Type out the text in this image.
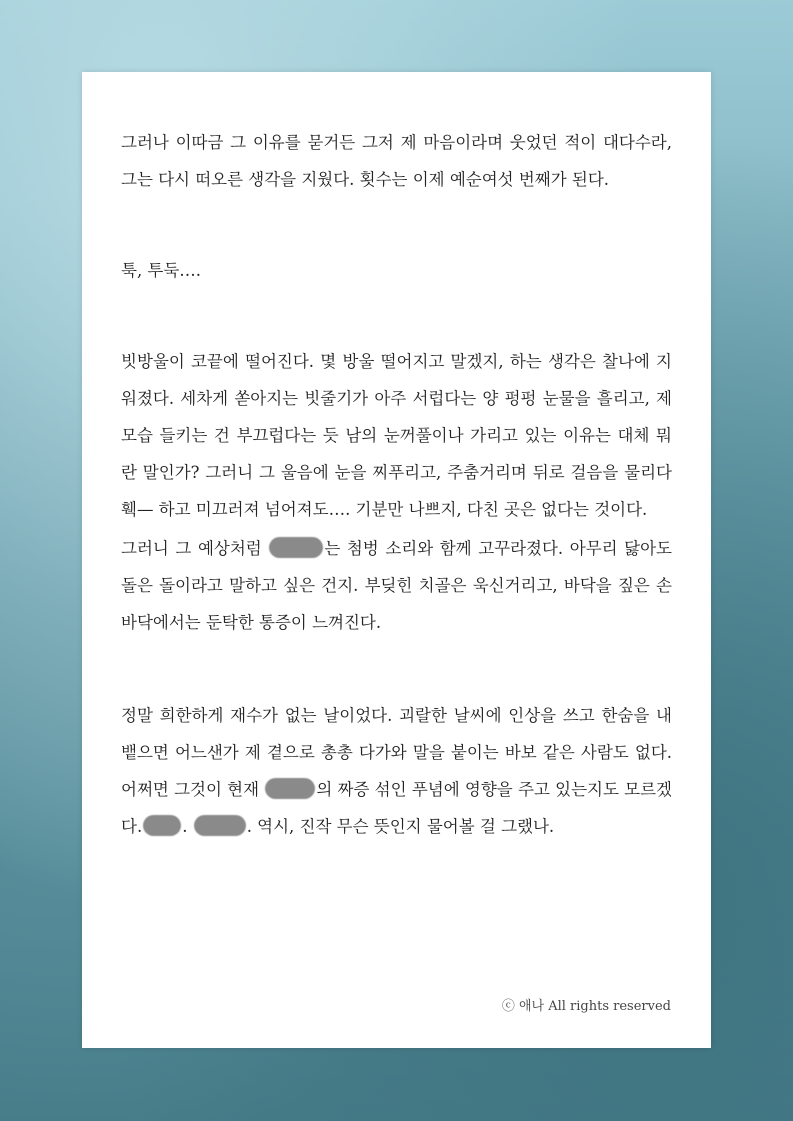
그러나 이따금 그 이유를 묻거든 그저 제 마음이라며 웃었던 적이 대다수라, 그는 다시 떠오른 생각을 지웠다. 횟수는 이제 예순여섯 번째가 된다.

툭, 투둑….

빗방울이 코끝에 떨어진다. 몇 방울 떨어지고 말겠지, 하는 생각은 찰나에 지워졌다. 세차게 쏟아지는 빗줄기가 아주 서럽다는 양 펑펑 눈물을 흘리고, 제 모습 들키는 건 부끄럽다는 듯 남의 눈꺼풀이나 가리고 있는 이유는 대체 뭐란 말인가? 그러니 그 울음에 눈을 찌푸리고, 주춤거리며 뒤로 걸음을 물리다 훽— 하고 미끄러져 넘어져도…. 기분만 나쁘지, 다친 곳은 없다는 것이다.

그러니 그 예상처럼	는 첨벙 소리와 함께 고꾸라졌다. 아무리 닳아도 돌은 돌이라고 말하고 싶은 건지. 부딪힌 치골은 욱신거리고, 바닥을 짚은 손바닥에서는 둔탁한 통증이 느껴진다.

정말 희한하게 재수가 없는 날이었다. 괴랄한 날씨에 인상을 쓰고 한숨을 내뱉으면 어느샌가 제 곁으로 총총 다가와 말을 붙이는 바보 같은 사람도 없다. 어쩌면 그것이 현재	의 짜증 섞인 푸념에 영향을 주고 있는지도 모르겠다. .	. 역시, 진작 무슨 뜻인지 물어볼 걸 그랬나.

ⓒ 애나 All rights reserved
